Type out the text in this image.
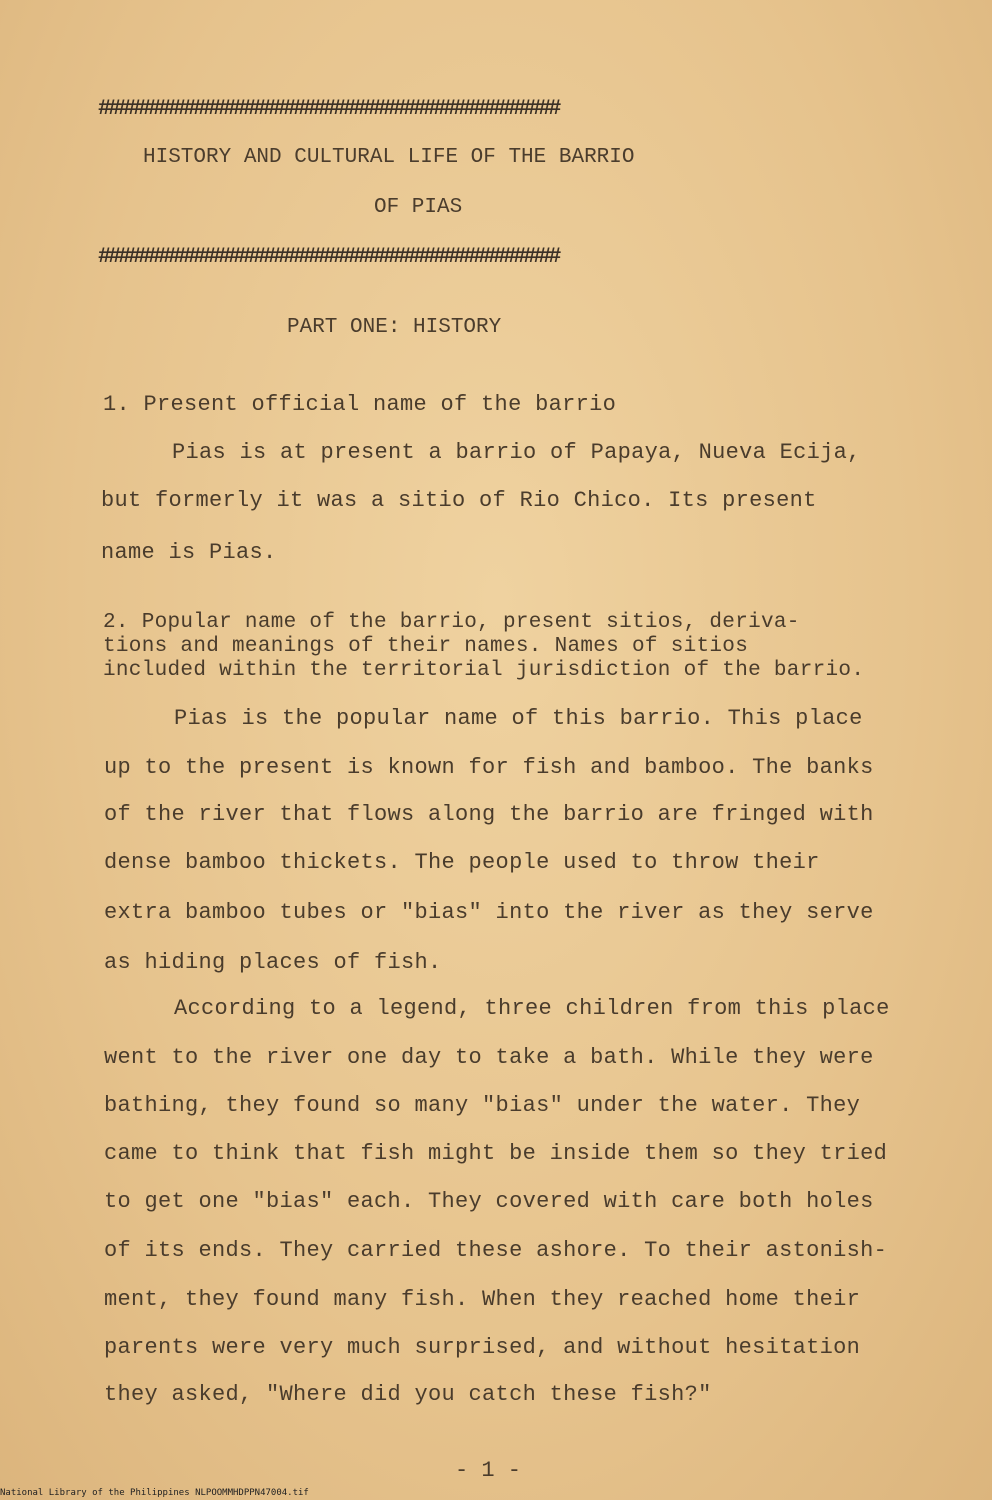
##############################################
HISTORY AND CULTURAL LIFE OF THE BARRIO
OF PIAS
##############################################
PART ONE: HISTORY
1. Present official name of the barrio
Pias is at present a barrio of Papaya, Nueva Ecija,
but formerly it was a sitio of Rio Chico. Its present
name is Pias.
2. Popular name of the barrio, present sitios, deriva-
tions and meanings of their names. Names of sitios
included within the territorial jurisdiction of the barrio.
Pias is the popular name of this barrio. This place
up to the present is known for fish and bamboo. The banks
of the river that flows along the barrio are fringed with
dense bamboo thickets. The people used to throw their
extra bamboo tubes or "bias" into the river as they serve
as hiding places of fish.
According to a legend, three children from this place
went to the river one day to take a bath. While they were
bathing, they found so many "bias" under the water. They
came to think that fish might be inside them so they tried
to get one "bias" each. They covered with care both holes
of its ends. They carried these ashore. To their astonish-
ment, they found many fish. When they reached home their
parents were very much surprised, and without hesitation
they asked, "Where did you catch these fish?"
- 1 -
National Library of the Philippines NLPOOMMHDPPN47004.tif
